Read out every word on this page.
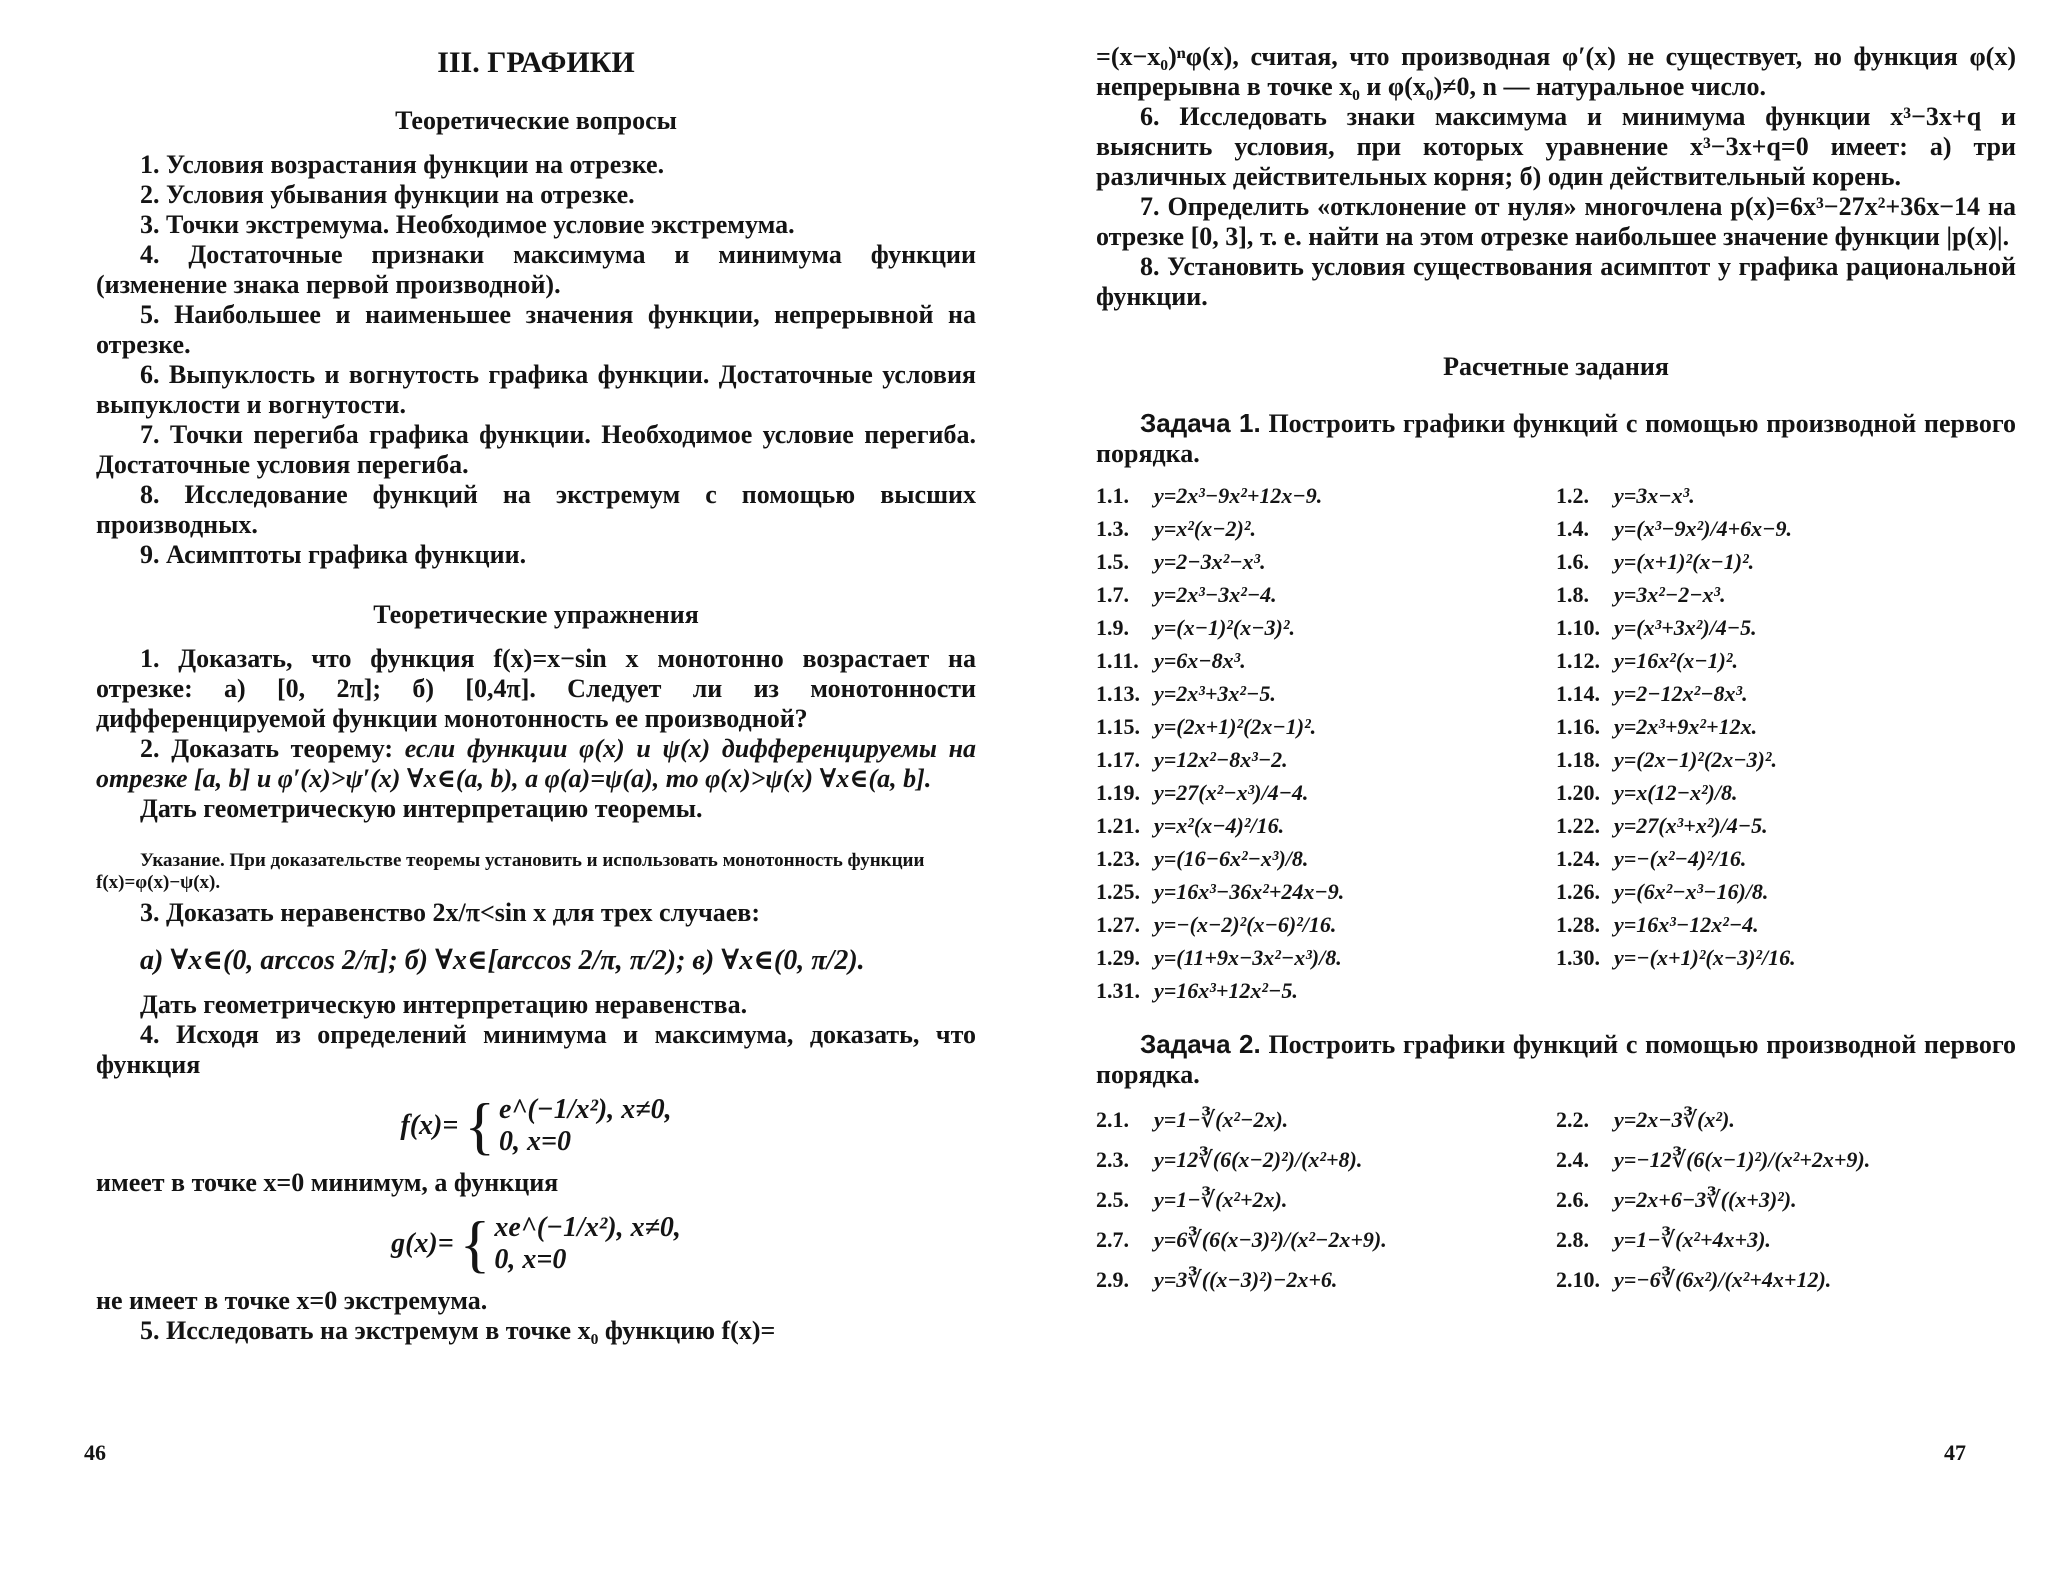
III. ГРАФИКИ
Теоретические вопросы

1. Условия возрастания функции на отрезке.

2. Условия убывания функции на отрезке.

3. Точки экстремума. Необходимое условие экстремума.

4. Достаточные признаки максимума и минимума функции (изменение знака первой производной).

5. Наибольшее и наименьшее значения функции, непрерывной на отрезке.

6. Выпуклость и вогнутость графика функции. Достаточные условия выпуклости и вогнутости.

7. Точки перегиба графика функции. Необходимое условие перегиба. Достаточные условия перегиба.

8. Исследование функций на экстремум с помощью высших производных.

9. Асимптоты графика функции.

Теоретические упражнения

1. Доказать, что функция f(x)=x−sin x монотонно возрастает на отрезке: а) [0, 2π]; б) [0,4π]. Следует ли из монотонности дифференцируемой функции монотонность ее производной?

2. Доказать теорему: если функции φ(x) и ψ(x) дифференцируемы на отрезке [a, b] и φ′(x)>ψ′(x) ∀x∈(a, b), а φ(a)=ψ(a), то φ(x)>ψ(x) ∀x∈(a, b].

Дать геометрическую интерпретацию теоремы.

Указание. При доказательстве теоремы установить и использовать монотонность функции f(x)=φ(x)−ψ(x).

3. Доказать неравенство 2x/π<sin x для трех случаев:

а) ∀x∈(0, arccos 2/π]; б) ∀x∈[arccos 2/π, π/2); в) ∀x∈(0, π/2).

Дать геометрическую интерпретацию неравенства.

4. Исходя из определений минимума и максимума, доказать, что функция

f(x)= { e^(−1/x²), x≠0,
0, x=0

имеет в точке x=0 минимум, а функция

g(x)= { xe^(−1/x²), x≠0,
0, x=0

не имеет в точке x=0 экстремума.

5. Исследовать на экстремум в точке x₀ функцию f(x)=

46

=(x−x₀)ⁿφ(x), считая, что производная φ′(x) не существует, но функция φ(x) непрерывна в точке x₀ и φ(x₀)≠0, n — натуральное число.

6. Исследовать знаки максимума и минимума функции x³−3x+q и выяснить условия, при которых уравнение x³−3x+q=0 имеет: а) три различных действительных корня; б) один действительный корень.

7. Определить «отклонение от нуля» многочлена p(x)=6x³−27x²+36x−14 на отрезке [0, 3], т. е. найти на этом отрезке наибольшее значение функции |p(x)|.

8. Установить условия существования асимптот у графика рациональной функции.

Расчетные задания

Задача 1. Построить графики функций с помощью производной первого порядка.

1.1. y=2x³−9x²+12x−9.	1.2. y=3x−x³.
1.3. y=x²(x−2)².	1.4. y=(x³−9x²)/4+6x−9.
1.5. y=2−3x²−x³.	1.6. y=(x+1)²(x−1)².
1.7. y=2x³−3x²−4.	1.8. y=3x²−2−x³.
1.9. y=(x−1)²(x−3)².	1.10. y=(x³+3x²)/4−5.
1.11. y=6x−8x³.	1.12. y=16x²(x−1)².
1.13. y=2x³+3x²−5.	1.14. y=2−12x²−8x³.
1.15. y=(2x+1)²(2x−1)².	1.16. y=2x³+9x²+12x.
1.17. y=12x²−8x³−2.	1.18. y=(2x−1)²(2x−3)².
1.19. y=27(x²−x³)/4−4.	1.20. y=x(12−x²)/8.
1.21. y=x²(x−4)²/16.	1.22. y=27(x³+x²)/4−5.
1.23. y=(16−6x²−x³)/8.	1.24. y=−(x²−4)²/16.
1.25. y=16x³−36x²+24x−9.	1.26. y=(6x²−x³−16)/8.
1.27. y=−(x−2)²(x−6)²/16.	1.28. y=16x³−12x²−4.
1.29. y=(11+9x−3x²−x³)/8.	1.30. y=−(x+1)²(x−3)²/16.
1.31. y=16x³+12x²−5.

Задача 2. Построить графики функций с помощью производной первого порядка.

2.1. y=1−∛(x²−2x).	2.2. y=2x−3∛(x²).
2.3. y=12∛(6(x−2)²)/(x²+8).	2.4. y=−12∛(6(x−1)²)/(x²+2x+9).
2.5. y=1−∛(x²+2x).	2.6. y=2x+6−3∛((x+3)²).
2.7. y=6∛(6(x−3)²)/(x²−2x+9).	2.8. y=1−∛(x²+4x+3).
2.9. y=3∛((x−3)²)−2x+6.	2.10. y=−6∛(6x²)/(x²+4x+12).
47
